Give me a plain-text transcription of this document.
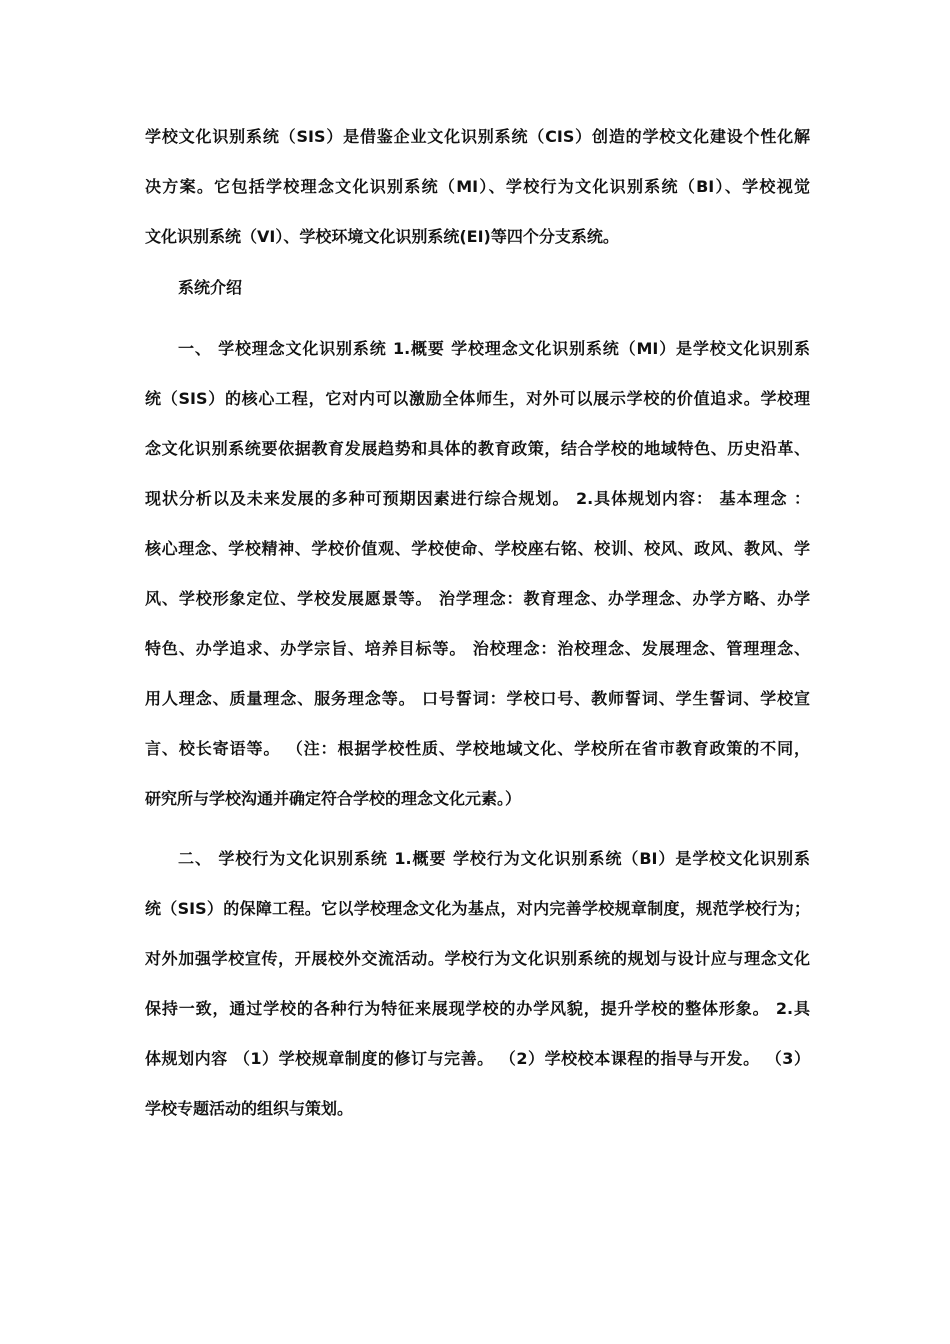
学校文化识别系统（SIS）是借鉴企业文化识别系统（CIS）创造的学校文化建设个性化解
决方案。它包括学校理念文化识别系统（MI）、学校行为文化识别系统（BI）、学校视觉
文化识别系统（VI）、学校环境文化识别系统(EI)等四个分支系统。
系统介绍
一、 学校理念文化识别系统 1.概要 学校理念文化识别系统（MI）是学校文化识别系
统（SIS）的核心工程，它对内可以激励全体师生，对外可以展示学校的价值追求。学校理
念文化识别系统要依据教育发展趋势和具体的教育政策，结合学校的地域特色、历史沿革、
现状分析以及未来发展的多种可预期因素进行综合规划。 2.具体规划内容： 基本理念 ：
核心理念、学校精神、学校价值观、学校使命、学校座右铭、校训、校风、政风、教风、学
风、学校形象定位、学校发展愿景等。 治学理念：教育理念、办学理念、办学方略、办学
特色、办学追求、办学宗旨、培养目标等。 治校理念：治校理念、发展理念、管理理念、
用人理念、质量理念、服务理念等。 口号誓词：学校口号、教师誓词、学生誓词、学校宣
言、校长寄语等。 （注：根据学校性质、学校地域文化、学校所在省市教育政策的不同，
研究所与学校沟通并确定符合学校的理念文化元素。）
二、 学校行为文化识别系统 1.概要 学校行为文化识别系统（BI）是学校文化识别系
统（SIS）的保障工程。它以学校理念文化为基点，对内完善学校规章制度，规范学校行为；
对外加强学校宣传，开展校外交流活动。学校行为文化识别系统的规划与设计应与理念文化
保持一致，通过学校的各种行为特征来展现学校的办学风貌，提升学校的整体形象。 2.具
体规划内容 （1）学校规章制度的修订与完善。 （2）学校校本课程的指导与开发。 （3）
学校专题活动的组织与策划。
